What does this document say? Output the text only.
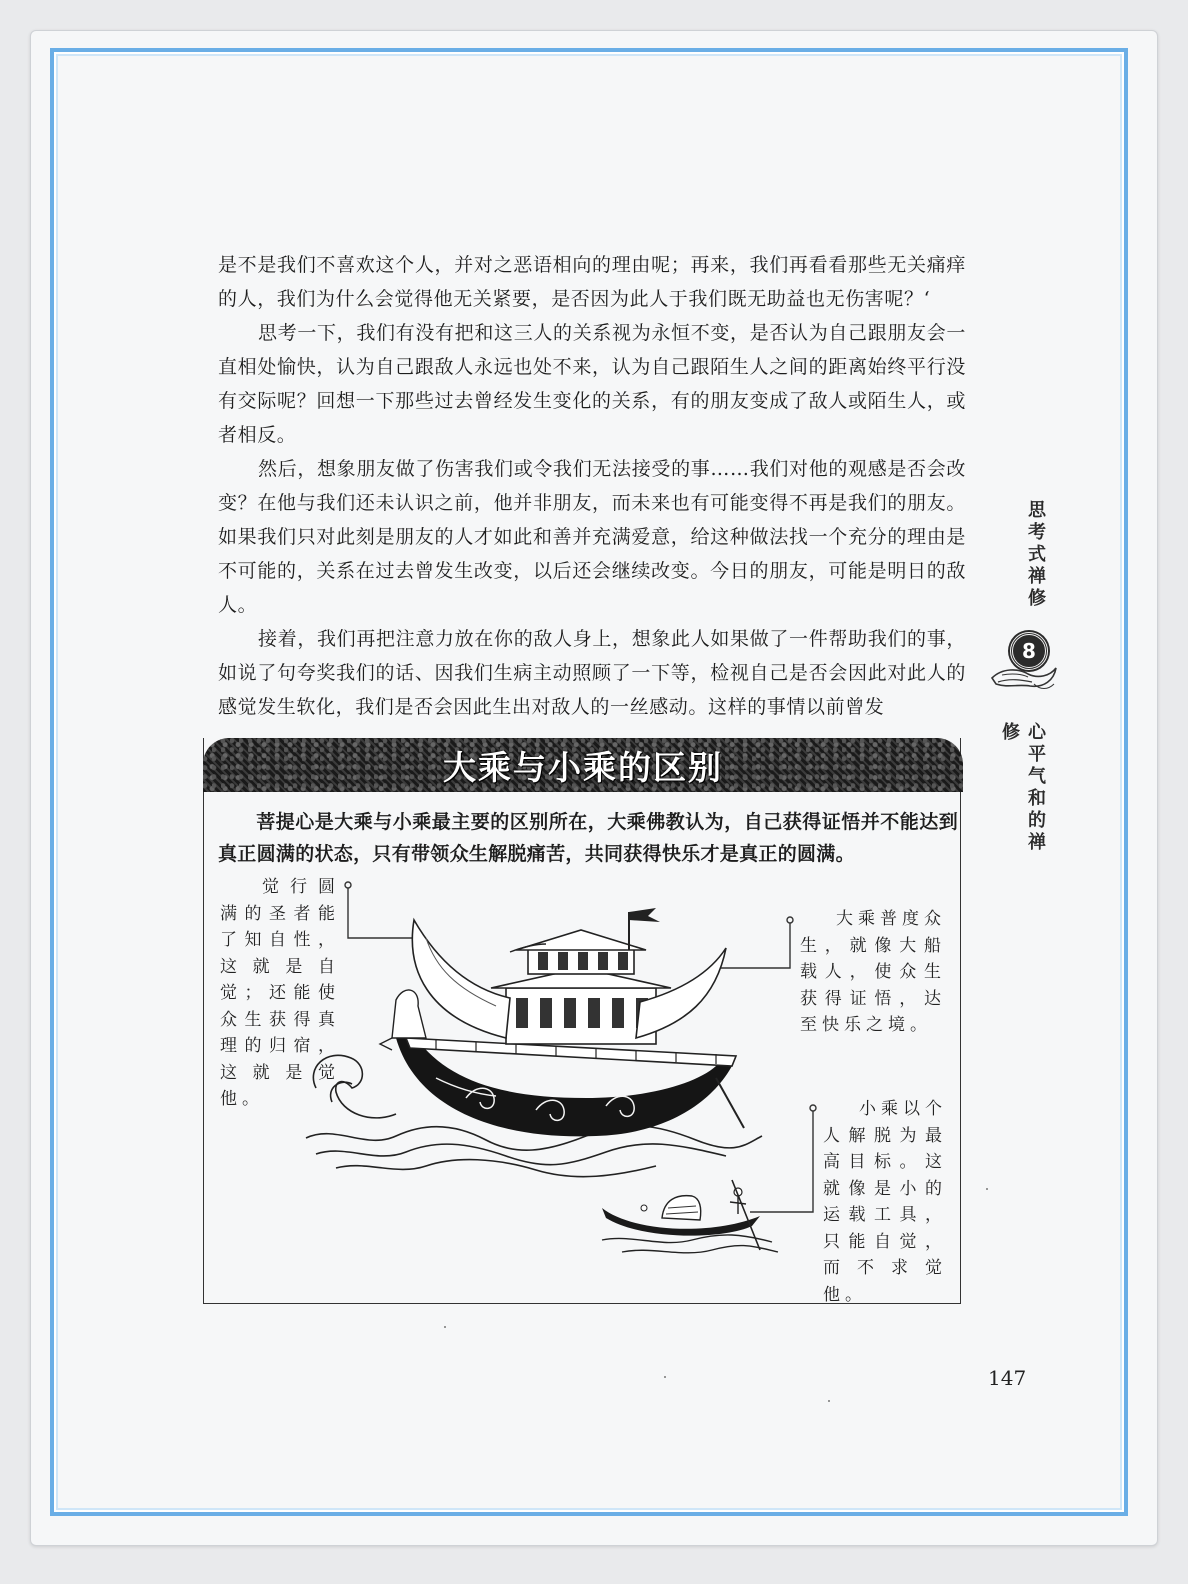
是不是我们不喜欢这个人，并对之恶语相向的理由呢；再来，我们再看看那些无关痛痒的人，我们为什么会觉得他无关紧要，是否因为此人于我们既无助益也无伤害呢？‘

思考一下，我们有没有把和这三人的关系视为永恒不变，是否认为自己跟朋友会一直相处愉快，认为自己跟敌人永远也处不来，认为自己跟陌生人之间的距离始终平行没有交际呢？回想一下那些过去曾经发生变化的关系，有的朋友变成了敌人或陌生人，或者相反。

然后，想象朋友做了伤害我们或令我们无法接受的事……我们对他的观感是否会改变？在他与我们还未认识之前，他并非朋友，而未来也有可能变得不再是我们的朋友。如果我们只对此刻是朋友的人才如此和善并充满爱意，给这种做法找一个充分的理由是不可能的，关系在过去曾发生改变，以后还会继续改变。今日的朋友，可能是明日的敌人。

接着，我们再把注意力放在你的敌人身上，想象此人如果做了一件帮助我们的事，如说了句夸奖我们的话、因我们生病主动照顾了一下等，检视自己是否会因此对此人的感觉发生软化，我们是否会因此生出对敌人的一丝感动。这样的事情以前曾发

思考式禅修
8
心平气和的禅修
大乘与小乘的区别
菩提心是大乘与小乘最主要的区别所在，大乘佛教认为，自己获得证悟并不能达到真正圆满的状态，只有带领众生解脱痛苦，共同获得快乐才是真正的圆满。
觉行圆满的圣者能了知自性，这就是自觉；还能使众生获得真理的归宿，这就是觉他。
大乘普度众生，就像大船载人，使众生获得证悟，达至快乐之境。
小乘以个人解脱为最高目标。这就像是小的运载工具，只能自觉，而不求觉他。
147
